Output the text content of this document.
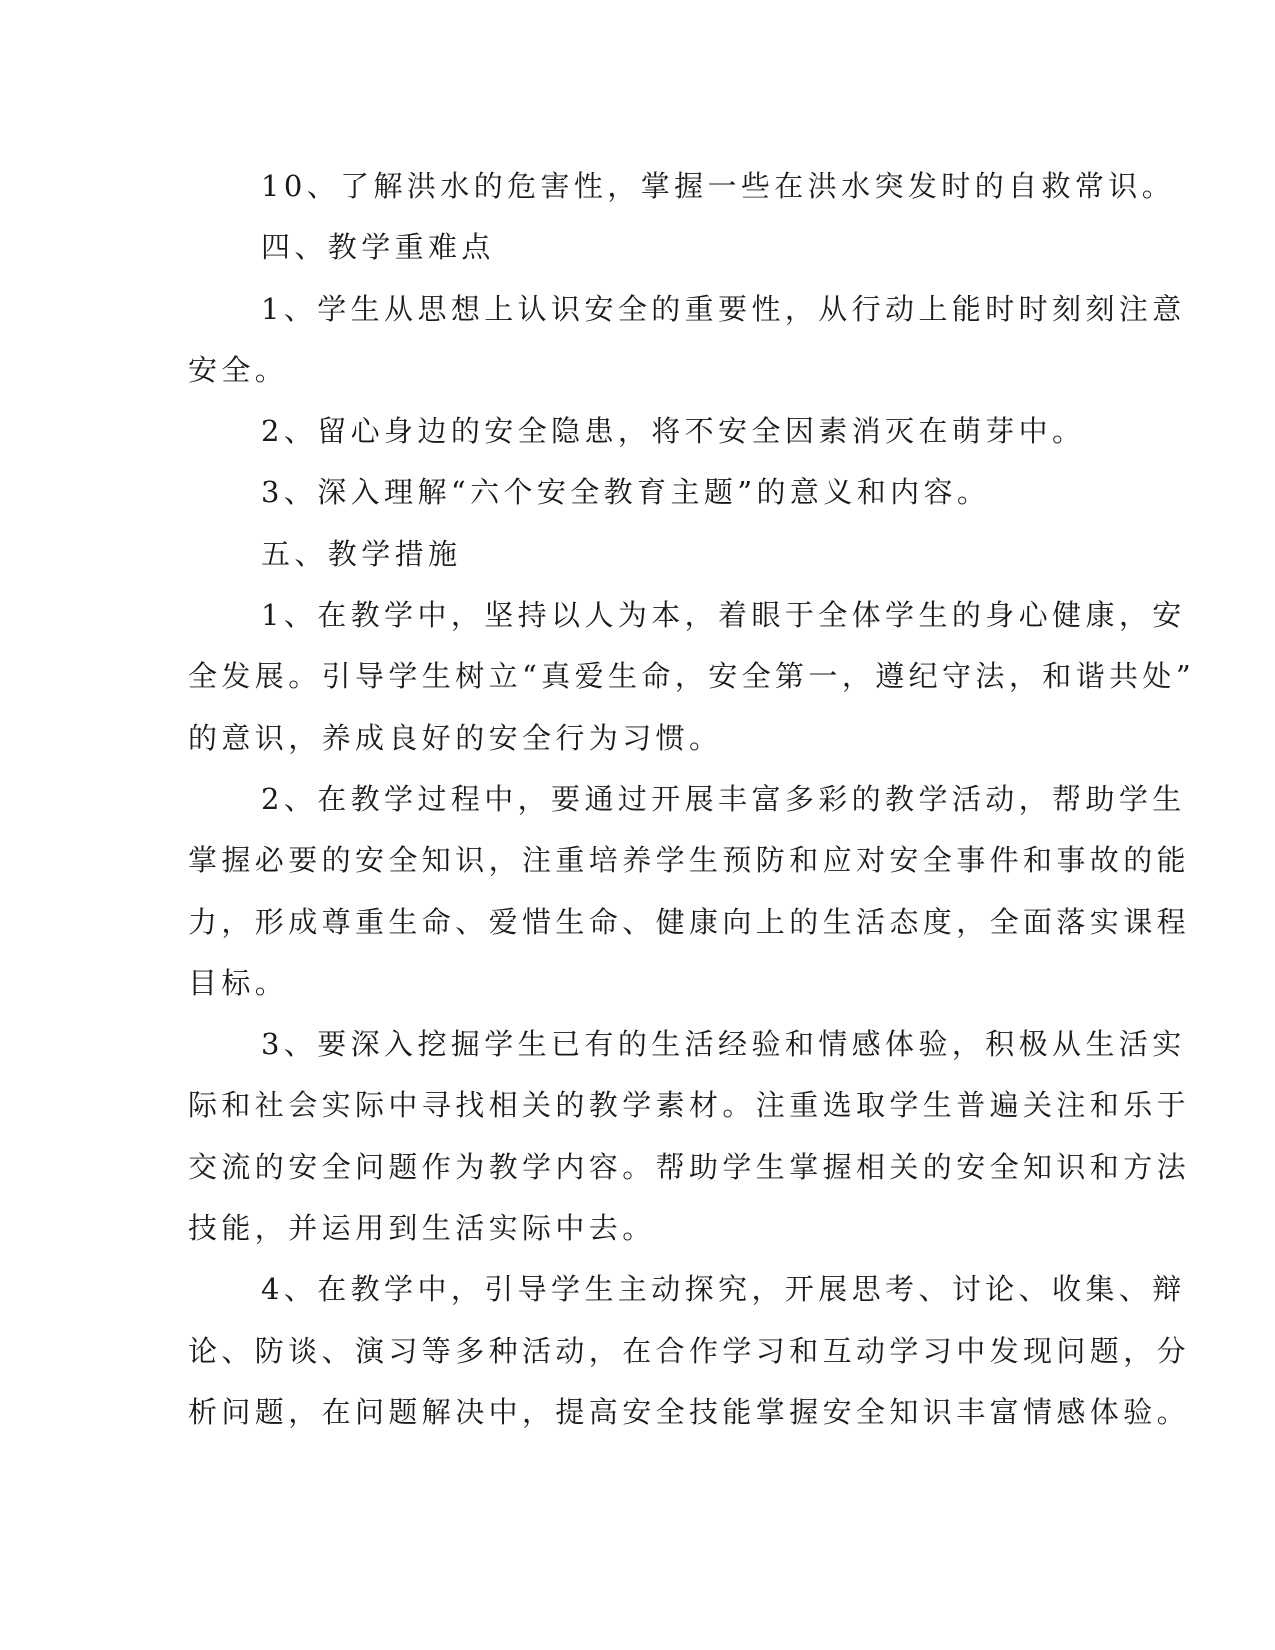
10、了解洪水的危害性，掌握一些在洪水突发时的自救常识。
四、教学重难点
1、学生从思想上认识安全的重要性，从行动上能时时刻刻注意
安全。
2、留心身边的安全隐患，将不安全因素消灭在萌芽中。
3、深入理解“六个安全教育主题”的意义和内容。
五、教学措施
1、在教学中，坚持以人为本，着眼于全体学生的身心健康，安
全发展。引导学生树立“真爱生命，安全第一，遵纪守法，和谐共处”
的意识，养成良好的安全行为习惯。
2、在教学过程中，要通过开展丰富多彩的教学活动，帮助学生
掌握必要的安全知识，注重培养学生预防和应对安全事件和事故的能
力，形成尊重生命、爱惜生命、健康向上的生活态度，全面落实课程
目标。
3、要深入挖掘学生已有的生活经验和情感体验，积极从生活实
际和社会实际中寻找相关的教学素材。注重选取学生普遍关注和乐于
交流的安全问题作为教学内容。帮助学生掌握相关的安全知识和方法
技能，并运用到生活实际中去。
4、在教学中，引导学生主动探究，开展思考、讨论、收集、辩
论、防谈、演习等多种活动，在合作学习和互动学习中发现问题，分
析问题，在问题解决中，提高安全技能掌握安全知识丰富情感体验。
